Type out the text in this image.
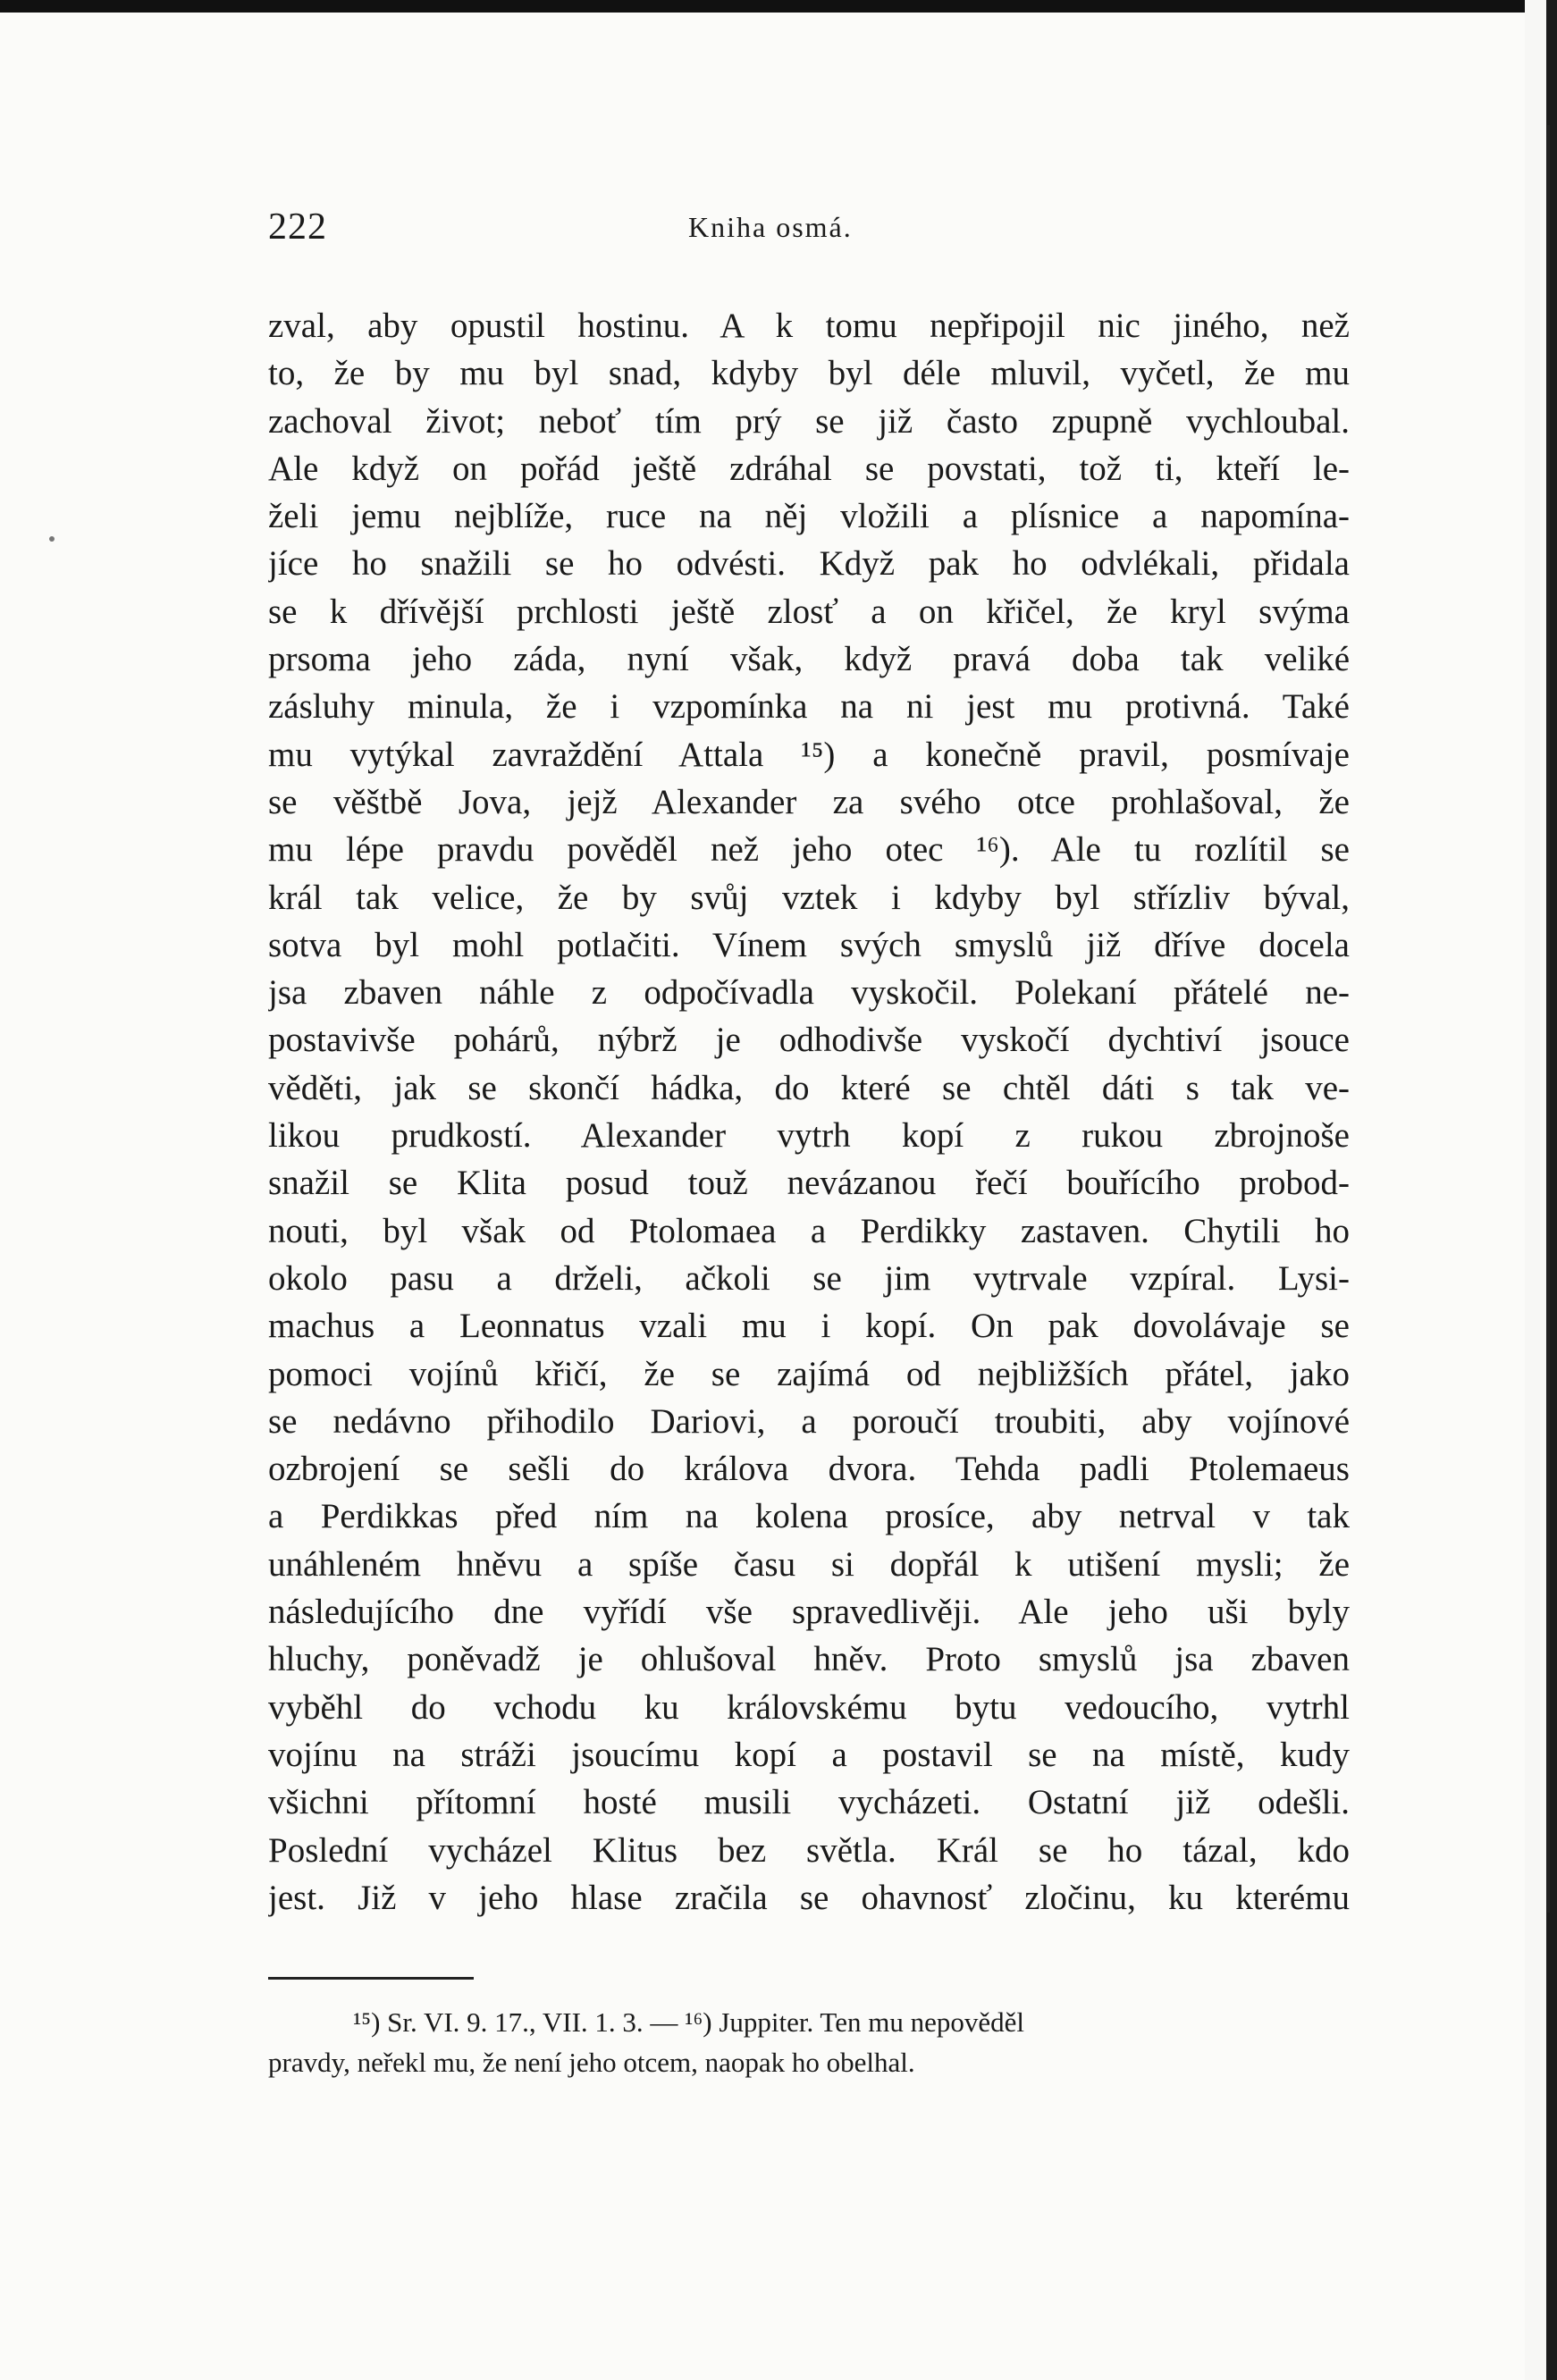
222	Kniha osmá.
zval, aby opustil hostinu. A k tomu nepřipojil nic jiného, než
to, že by mu byl snad, kdyby byl déle mluvil, vyčetl, že mu
zachoval život; neboť tím prý se již často zpupně vychloubal.
Ale když on pořád ještě zdráhal se povstati, tož ti, kteří le-
želi jemu nejblíže, ruce na něj vložili a plísnice a napomína-
jíce ho snažili se ho odvésti. Když pak ho odvlékali, přidala
se k dřívější prchlosti ještě zlosť a on křičel, že kryl svýma
prsoma jeho záda, nyní však, když pravá doba tak veliké
zásluhy minula, že i vzpomínka na ni jest mu protivná. Také
mu vytýkal zavraždění Attala ¹⁵) a konečně pravil, posmívaje
se věštbě Jova, jejž Alexander za svého otce prohlašoval, že
mu lépe pravdu pověděl než jeho otec ¹⁶). Ale tu rozlítil se
král tak velice, že by svůj vztek i kdyby byl střízliv býval,
sotva byl mohl potlačiti. Vínem svých smyslů již dříve docela
jsa zbaven náhle z odpočívadla vyskočil. Polekaní přátelé ne-
postavivše pohárů, nýbrž je odhodivše vyskočí dychtiví jsouce
věděti, jak se skončí hádka, do které se chtěl dáti s tak ve-
likou prudkostí. Alexander vytrh kopí z rukou zbrojnoše
snažil se Klita posud touž nevázanou řečí bouřícího probod-
nouti, byl však od Ptolomaea a Perdikky zastaven. Chytili ho
okolo pasu a drželi, ačkoli se jim vytrvale vzpíral. Lysi-
machus a Leonnatus vzali mu i kopí. On pak dovolávaje se
pomoci vojínů křičí, že se zajímá od nejbližších přátel, jako
se nedávno přihodilo Dariovi, a poroučí troubiti, aby vojínové
ozbrojení se sešli do králova dvora. Tehda padli Ptolemaeus
a Perdikkas před ním na kolena prosíce, aby netrval v tak
unáhleném hněvu a spíše času si dopřál k utišení mysli; že
následujícího dne vyřídí vše spravedlivěji. Ale jeho uši byly
hluchy, poněvadž je ohlušoval hněv. Proto smyslů jsa zbaven
vyběhl do vchodu ku královskému bytu vedoucího, vytrhl
vojínu na stráži jsoucímu kopí a postavil se na místě, kudy
všichni přítomní hosté musili vycházeti. Ostatní již odešli.
Poslední vycházel Klitus bez světla. Král se ho tázal, kdo
jest. Již v jeho hlase zračila se ohavnosť zločinu, ku kterému
¹⁵) Sr. VI. 9. 17., VII. 1. 3. — ¹⁶) Juppiter. Ten mu nepověděl
pravdy, neřekl mu, že není jeho otcem, naopak ho obelhal.
